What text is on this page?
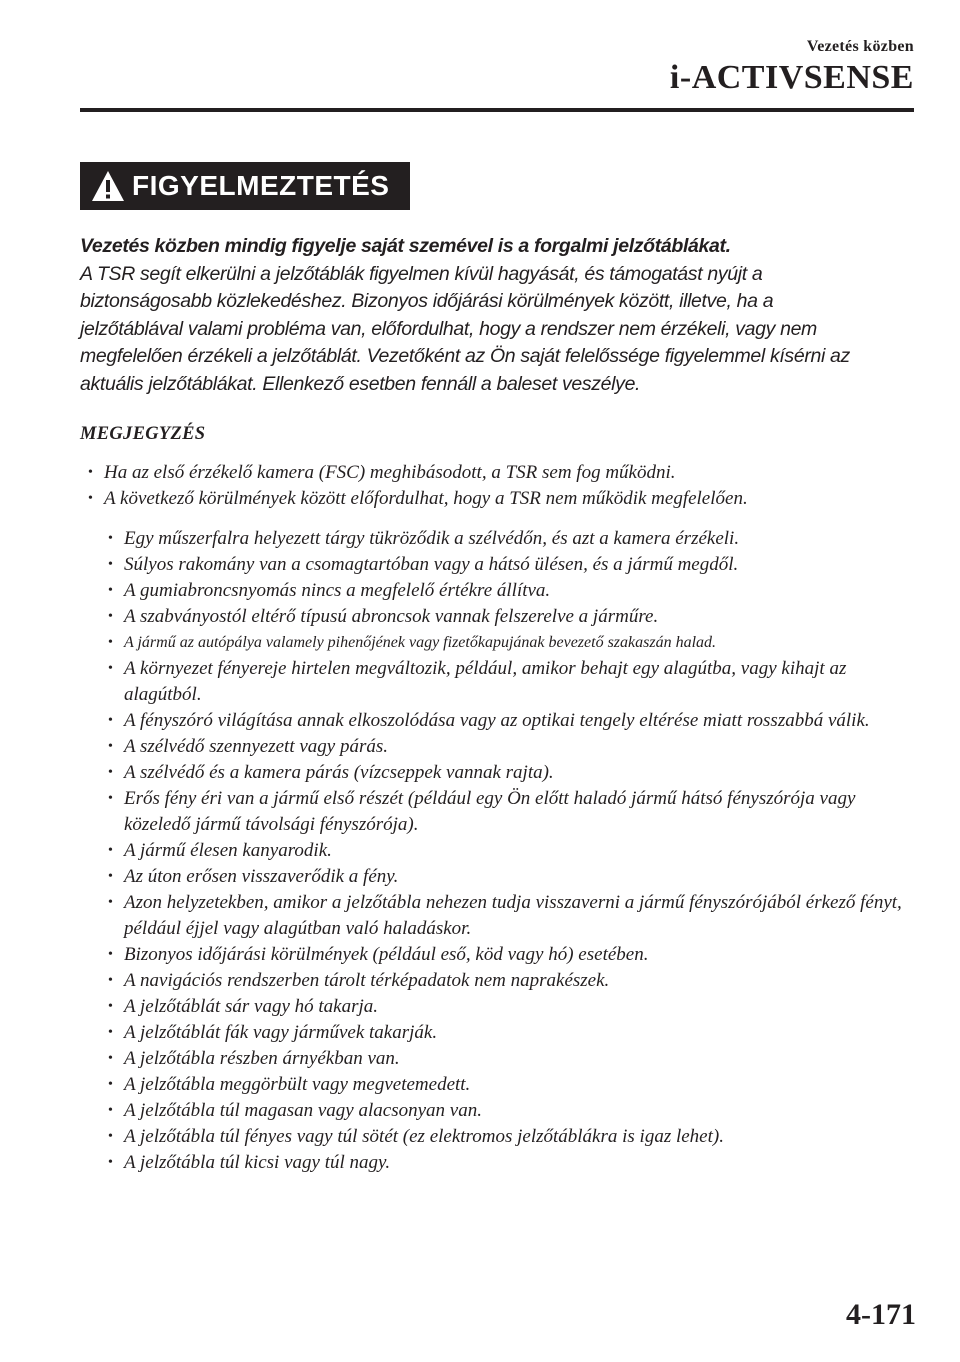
Vezetés közben
i-ACTIVSENSE
FIGYELMEZTETÉS
Vezetés közben mindig figyelje saját szemével is a forgalmi jelzőtáblákat.

A TSR segít elkerülni a jelzőtáblák figyelmen kívül hagyását, és támogatást nyújt a

biztonságosabb közlekedéshez. Bizonyos időjárási körülmények között, illetve, ha a

jelzőtáblával valami probléma van, előfordulhat, hogy a rendszer nem érzékeli, vagy nem

megfelelően érzékeli a jelzőtáblát. Vezetőként az Ön saját felelőssége figyelemmel kísérni az

aktuális jelzőtáblákat. Ellenkező esetben fennáll a baleset veszélye.

MEGJEGYZÉS
• Ha az első érzékelő kamera (FSC) meghibásodott, a TSR sem fog működni.
• A következő körülmények között előfordulhat, hogy a TSR nem működik megfelelően.
• Egy műszerfalra helyezett tárgy tükröződik a szélvédőn, és azt a kamera érzékeli.
• Súlyos rakomány van a csomagtartóban vagy a hátsó ülésen, és a jármű megdől.
• A gumiabroncsnyomás nincs a megfelelő értékre állítva.
• A szabványostól eltérő típusú abroncsok vannak felszerelve a járműre.
• A jármű az autópálya valamely pihenőjének vagy fizetőkapujának bevezető szakaszán halad.
• A környezet fényereje hirtelen megváltozik, például, amikor behajt egy alagútba, vagy kihajt az alagútból.
• A fényszóró világítása annak elkoszolódása vagy az optikai tengely eltérése miatt rosszabbá válik.
• A szélvédő szennyezett vagy párás.
• A szélvédő és a kamera párás (vízcseppek vannak rajta).
• Erős fény éri van a jármű első részét (például egy Ön előtt haladó jármű hátsó fényszórója vagy közeledő jármű távolsági fényszórója).
• A jármű élesen kanyarodik.
• Az úton erősen visszaverődik a fény.
• Azon helyzetekben, amikor a jelzőtábla nehezen tudja visszaverni a jármű fényszórójából érkező fényt, például éjjel vagy alagútban való haladáskor.
• Bizonyos időjárási körülmények (például eső, köd vagy hó) esetében.
• A navigációs rendszerben tárolt térképadatok nem naprakészek.
• A jelzőtáblát sár vagy hó takarja.
• A jelzőtáblát fák vagy járművek takarják.
• A jelzőtábla részben árnyékban van.
• A jelzőtábla meggörbült vagy megvetemedett.
• A jelzőtábla túl magasan vagy alacsonyan van.
• A jelzőtábla túl fényes vagy túl sötét (ez elektromos jelzőtáblákra is igaz lehet).
• A jelzőtábla túl kicsi vagy túl nagy.
4-171
